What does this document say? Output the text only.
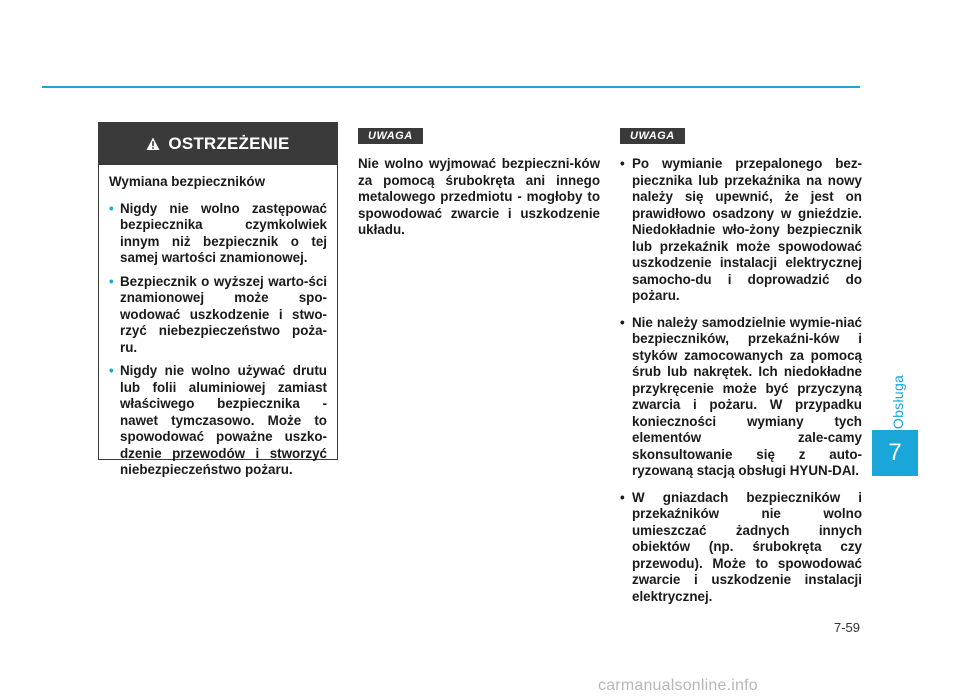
OSTRZEŻENIE

Wymiana bezpieczników

• Nigdy nie wolno zastępować bezpiecznika czymkolwiek innym niż bezpiecznik o tej samej wartości znamionowej.
• Bezpiecznik o wyższej warto-ści znamionowej może spo-wodować uszkodzenie i stwo-rzyć niebezpieczeństwo poża-ru.
• Nigdy nie wolno używać drutu lub folii aluminiowej zamiast właściwego bezpiecznika - nawet tymczasowo. Może to spowodować poważne uszko-dzenie przewodów i stworzyć niebezpieczeństwo pożaru.
UWAGA
Nie wolno wyjmować bezpieczni-ków za pomocą śrubokręta ani innego metalowego przedmiotu - mogłoby to spowodować zwarcie i uszkodzenie układu.
UWAGA
• Po wymianie przepalonego bez-piecznika lub przekaźnika na nowy należy się upewnić, że jest on prawidłowo osadzony w gnieździe. Niedokładnie wło-żony bezpiecznik lub przekaźnik może spowodować uszkodzenie instalacji elektrycznej samocho-du i doprowadzić do pożaru.
• Nie należy samodzielnie wymie-niać bezpieczników, przekaźni-ków i styków zamocowanych za pomocą śrub lub nakrętek. Ich niedokładne przykręcenie może być przyczyną zwarcia i pożaru. W przypadku konieczności wymiany tych elementów zale-camy skonsultowanie się z auto-ryzowaną stacją obsługi HYUN-DAI.
• W gniazdach bezpieczników i przekaźników nie wolno umieszczać żadnych innych obiektów (np. śrubokręta czy przewodu). Może to spowodować zwarcie i uszkodzenie instalacji elektrycznej.
Obsługa
7
7-59
carmanualsonline.info
